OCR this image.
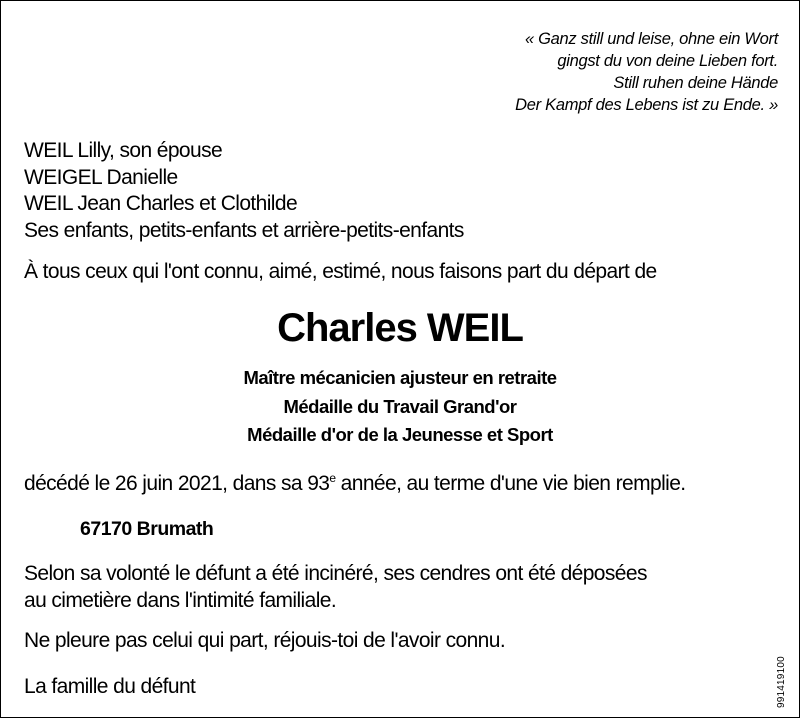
« Ganz still und leise, ohne ein Wort
gingst du von deine Lieben fort.
Still ruhen deine Hände
Der Kampf des Lebens ist zu Ende. »
WEIL Lilly, son épouse
WEIGEL Danielle
WEIL Jean Charles et Clothilde
Ses enfants, petits-enfants et arrière-petits-enfants
À tous ceux qui l'ont connu, aimé, estimé, nous faisons part du départ de
Charles WEIL
Maître mécanicien ajusteur en retraite
Médaille du Travail Grand'or
Médaille d'or de la Jeunesse et Sport
décédé le 26 juin 2021, dans sa 93e année, au terme d'une vie bien remplie.
67170 Brumath
Selon sa volonté le défunt a été incinéré, ses cendres ont été déposées
au cimetière dans l'intimité familiale.
Ne pleure pas celui qui part, réjouis-toi de l'avoir connu.
La famille du défunt	991419100
